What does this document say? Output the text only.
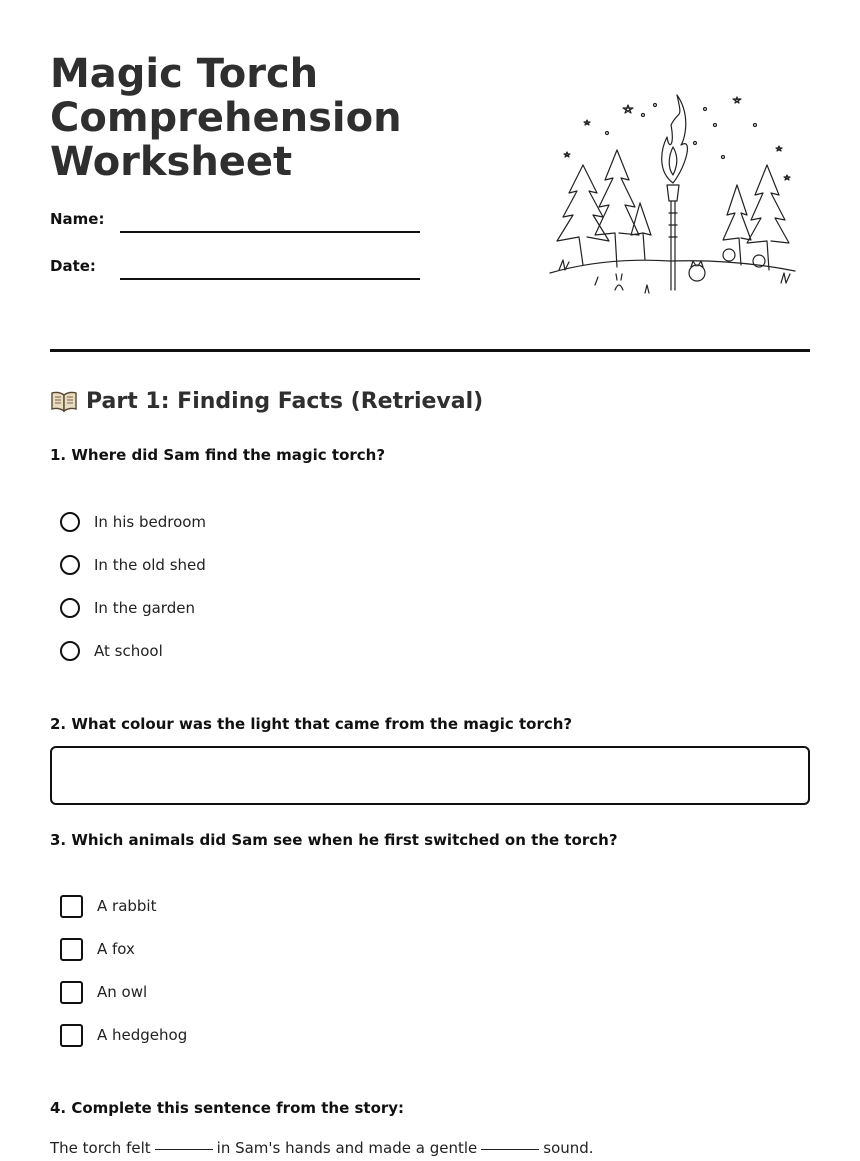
Magic Torch Comprehension Worksheet
Name:
Date:
Part 1: Finding Facts (Retrieval)
1. Where did Sam find the magic torch?
In his bedroom
In the old shed
In the garden
At school
2. What colour was the light that came from the magic torch?
3. Which animals did Sam see when he first switched on the torch?
A rabbit
A fox
An owl
A hedgehog
4. Complete this sentence from the story:
The torch felt	in Sam's hands and made a gentle	sound.
